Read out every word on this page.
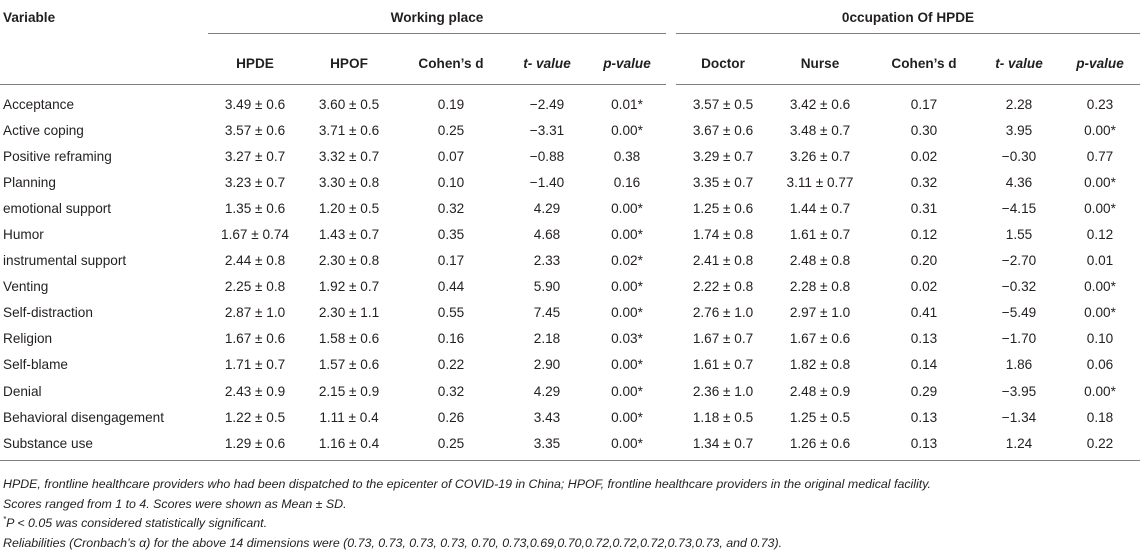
Variable	Working place						0ccupation Of HPDE				

	HPDE	HPOF	Cohen’s d	t- value	p-value		Doctor	Nurse	Cohen’s d	t- value	p-value
Acceptance	3.49 ± 0.6	3.60 ± 0.5	0.19	−2.49	0.01*		3.57 ± 0.5	3.42 ± 0.6	0.17	2.28	0.23
Active coping	3.57 ± 0.6	3.71 ± 0.6	0.25	−3.31	0.00*		3.67 ± 0.6	3.48 ± 0.7	0.30	3.95	0.00*
Positive reframing	3.27 ± 0.7	3.32 ± 0.7	0.07	−0.88	0.38		3.29 ± 0.7	3.26 ± 0.7	0.02	−0.30	0.77
Planning	3.23 ± 0.7	3.30 ± 0.8	0.10	−1.40	0.16		3.35 ± 0.7	3.11 ± 0.77	0.32	4.36	0.00*
emotional support	1.35 ± 0.6	1.20 ± 0.5	0.32	4.29	0.00*		1.25 ± 0.6	1.44 ± 0.7	0.31	−4.15	0.00*
Humor	1.67 ± 0.74	1.43 ± 0.7	0.35	4.68	0.00*		1.74 ± 0.8	1.61 ± 0.7	0.12	1.55	0.12
instrumental support	2.44 ± 0.8	2.30 ± 0.8	0.17	2.33	0.02*		2.41 ± 0.8	2.48 ± 0.8	0.20	−2.70	0.01
Venting	2.25 ± 0.8	1.92 ± 0.7	0.44	5.90	0.00*		2.22 ± 0.8	2.28 ± 0.8	0.02	−0.32	0.00*
Self-distraction	2.87 ± 1.0	2.30 ± 1.1	0.55	7.45	0.00*		2.76 ± 1.0	2.97 ± 1.0	0.41	−5.49	0.00*
Religion	1.67 ± 0.6	1.58 ± 0.6	0.16	2.18	0.03*		1.67 ± 0.7	1.67 ± 0.6	0.13	−1.70	0.10
Self-blame	1.71 ± 0.7	1.57 ± 0.6	0.22	2.90	0.00*		1.61 ± 0.7	1.82 ± 0.8	0.14	1.86	0.06
Denial	2.43 ± 0.9	2.15 ± 0.9	0.32	4.29	0.00*		2.36 ± 1.0	2.48 ± 0.9	0.29	−3.95	0.00*
Behavioral disengagement	1.22 ± 0.5	1.11 ± 0.4	0.26	3.43	0.00*		1.18 ± 0.5	1.25 ± 0.5	0.13	−1.34	0.18
Substance use	1.29 ± 0.6	1.16 ± 0.4	0.25	3.35	0.00*		1.34 ± 0.7	1.26 ± 0.6	0.13	1.24	0.22
HPDE, frontline healthcare providers who had been dispatched to the epicenter of COVID-19 in China; HPOF, frontline healthcare providers in the original medical facility.
Scores ranged from 1 to 4. Scores were shown as Mean ± SD.
*P < 0.05 was considered statistically significant.
Reliabilities (Cronbach’s α) for the above 14 dimensions were (0.73, 0.73, 0.73, 0.73, 0.70, 0.73,0.69,0.70,0.72,0.72,0.72,0.73,0.73, and 0.73).
